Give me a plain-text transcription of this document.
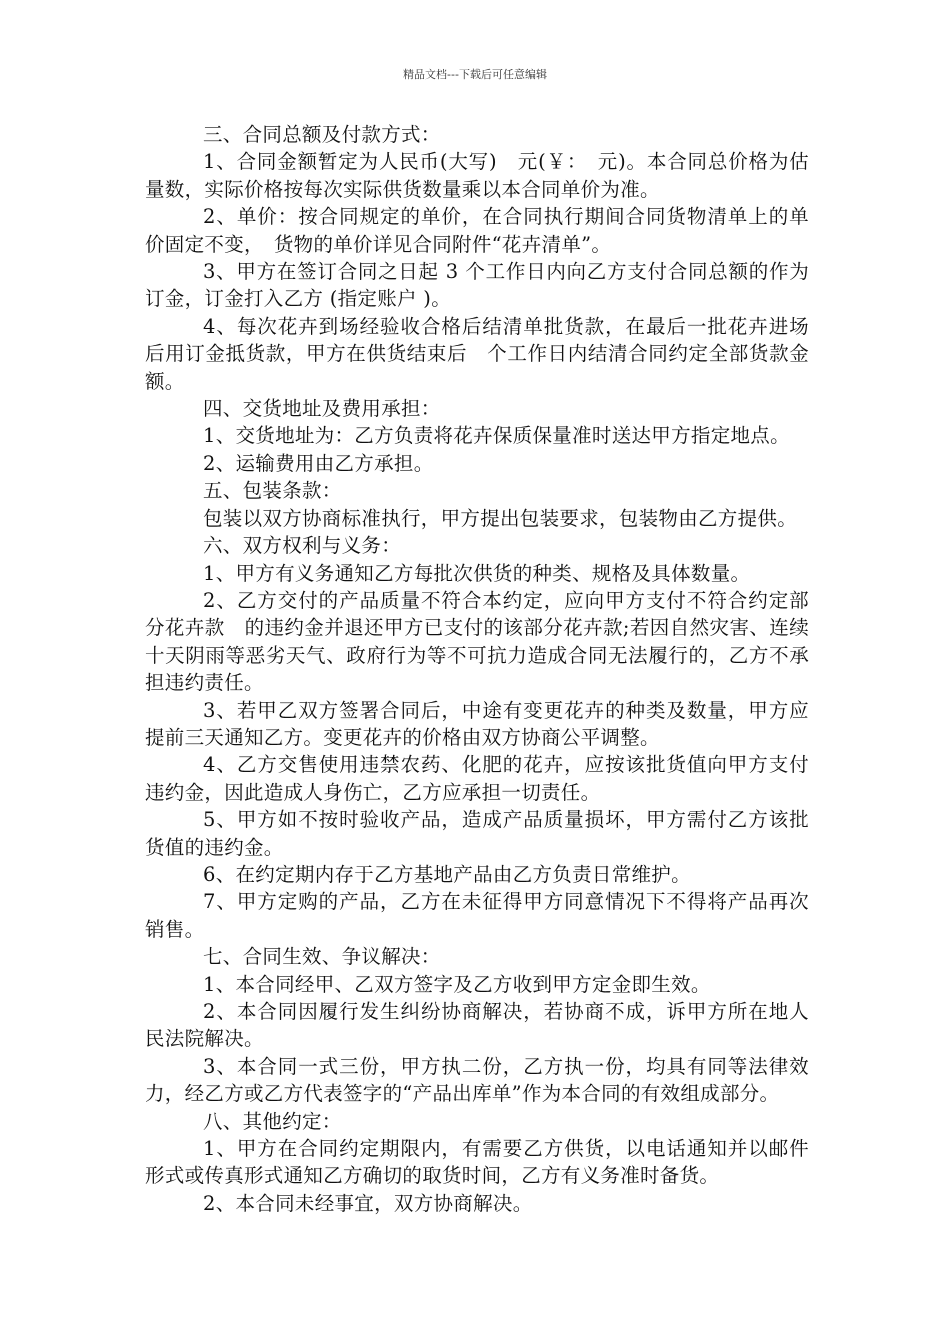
精品文档---下载后可任意编辑

三、合同总额及付款方式：

1、合同金额暂定为人民币(大写)　元(￥：　元)。本合同总价格为估量数，实际价格按每次实际供货数量乘以本合同单价为准。

2、单价：按合同规定的单价，在合同执行期间合同货物清单上的单价固定不变，　货物的单价详见合同附件“花卉清单”。

3、甲方在签订合同之日起 3 个工作日内向乙方支付合同总额的作为订金，订金打入乙方 (指定账户 )。

4、每次花卉到场经验收合格后结清单批货款，在最后一批花卉进场后用订金抵货款，甲方在供货结束后　个工作日内结清合同约定全部货款金额。

四、交货地址及费用承担：

1、交货地址为：乙方负责将花卉保质保量准时送达甲方指定地点。

2、运输费用由乙方承担。

五、包装条款：

包装以双方协商标准执行，甲方提出包装要求，包装物由乙方提供。

六、双方权利与义务：

1、甲方有义务通知乙方每批次供货的种类、规格及具体数量。

2、乙方交付的产品质量不符合本约定，应向甲方支付不符合约定部分花卉款　的违约金并退还甲方已支付的该部分花卉款;若因自然灾害、连续十天阴雨等恶劣天气、政府行为等不可抗力造成合同无法履行的，乙方不承担违约责任。

3、若甲乙双方签署合同后，中途有变更花卉的种类及数量，甲方应提前三天通知乙方。变更花卉的价格由双方协商公平调整。

4、乙方交售使用违禁农药、化肥的花卉，应按该批货值向甲方支付违约金，因此造成人身伤亡，乙方应承担一切责任。

5、甲方如不按时验收产品，造成产品质量损坏，甲方需付乙方该批货值的违约金。

6、在约定期内存于乙方基地产品由乙方负责日常维护。

7、甲方定购的产品，乙方在未征得甲方同意情况下不得将产品再次销售。

七、合同生效、争议解决：

1、本合同经甲、乙双方签字及乙方收到甲方定金即生效。

2、本合同因履行发生纠纷协商解决，若协商不成，诉甲方所在地人民法院解决。

3、本合同一式三份，甲方执二份，乙方执一份，均具有同等法律效力，经乙方或乙方代表签字的“产品出库单”作为本合同的有效组成部分。

八、其他约定：

1、甲方在合同约定期限内，有需要乙方供货，以电话通知并以邮件形式或传真形式通知乙方确切的取货时间，乙方有义务准时备货。

2、本合同未经事宜，双方协商解决。
